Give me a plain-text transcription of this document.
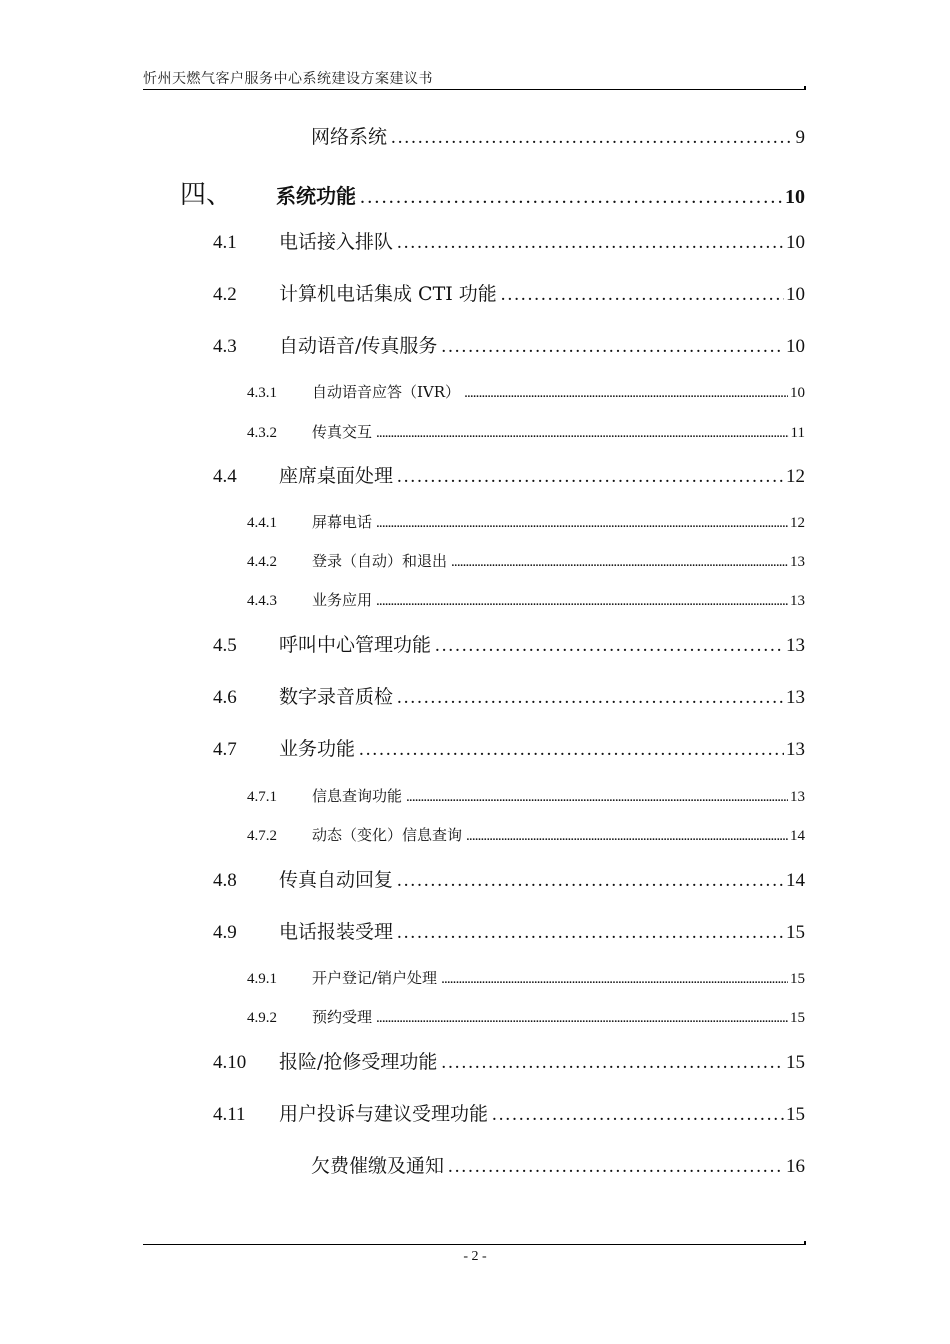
忻州天燃气客户服务中心系统建设方案建议书
网络系统 . . .	9
四、	系统功能 . . .	10
4.1	电话接入排队 . . .	10
4.2	计算机电话集成 CTI 功能 . . .	10
4.3	自动语音/传真服务 . . .	10
4.3.1	自动语音应答（IVR） . . .	10
4.3.2	传真交互 . . .	11
4.4	座席桌面处理 . . .	12
4.4.1	屏幕电话 . . .	12
4.4.2	登录（自动）和退出 . . .	13
4.4.3	业务应用 . . .	13
4.5	呼叫中心管理功能 . . .	13
4.6	数字录音质检 . . .	13
4.7	业务功能 . . .	13
4.7.1	信息查询功能 . . .	13
4.7.2	动态（变化）信息查询 . . .	14
4.8	传真自动回复 . . .	14
4.9	电话报装受理 . . .	15
4.9.1	开户登记/销户处理 . . .	15
4.9.2	预约受理 . . .	15
4.10	报险/抢修受理功能 . . .	15
4.11	用户投诉与建议受理功能 . . .	15
欠费催缴及通知 . . .	16
- 2 -
